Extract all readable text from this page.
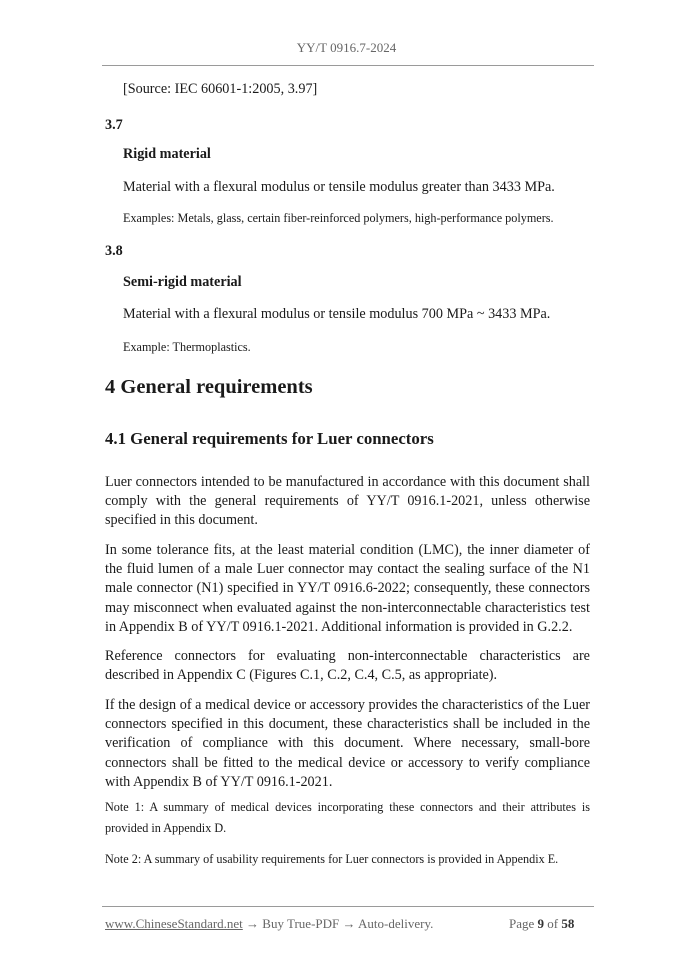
YY/T 0916.7-2024
[Source: IEC 60601-1:2005, 3.97]
3.7
Rigid material
Material with a flexural modulus or tensile modulus greater than 3433 MPa.
Examples: Metals, glass, certain fiber-reinforced polymers, high-performance polymers.
3.8
Semi-rigid material
Material with a flexural modulus or tensile modulus 700 MPa ~ 3433 MPa.
Example: Thermoplastics.
4 General requirements
4.1 General requirements for Luer connectors
Luer connectors intended to be manufactured in accordance with this document shall comply with the general requirements of YY/T 0916.1-2021, unless otherwise specified in this document.
In some tolerance fits, at the least material condition (LMC), the inner diameter of the fluid lumen of a male Luer connector may contact the sealing surface of the N1 male connector (N1) specified in YY/T 0916.6-2022; consequently, these connectors may misconnect when evaluated against the non-interconnectable characteristics test in Appendix B of YY/T 0916.1-2021. Additional information is provided in G.2.2.
Reference connectors for evaluating non-interconnectable characteristics are described in Appendix C (Figures C.1, C.2, C.4, C.5, as appropriate).
If the design of a medical device or accessory provides the characteristics of the Luer connectors specified in this document, these characteristics shall be included in the verification of compliance with this document. Where necessary, small-bore connectors shall be fitted to the medical device or accessory to verify compliance with Appendix B of YY/T 0916.1-2021.
Note 1: A summary of medical devices incorporating these connectors and their attributes is provided in Appendix D.
Note 2: A summary of usability requirements for Luer connectors is provided in Appendix E.
www.ChineseStandard.net → Buy True-PDF → Auto-delivery.	Page 9 of 58
